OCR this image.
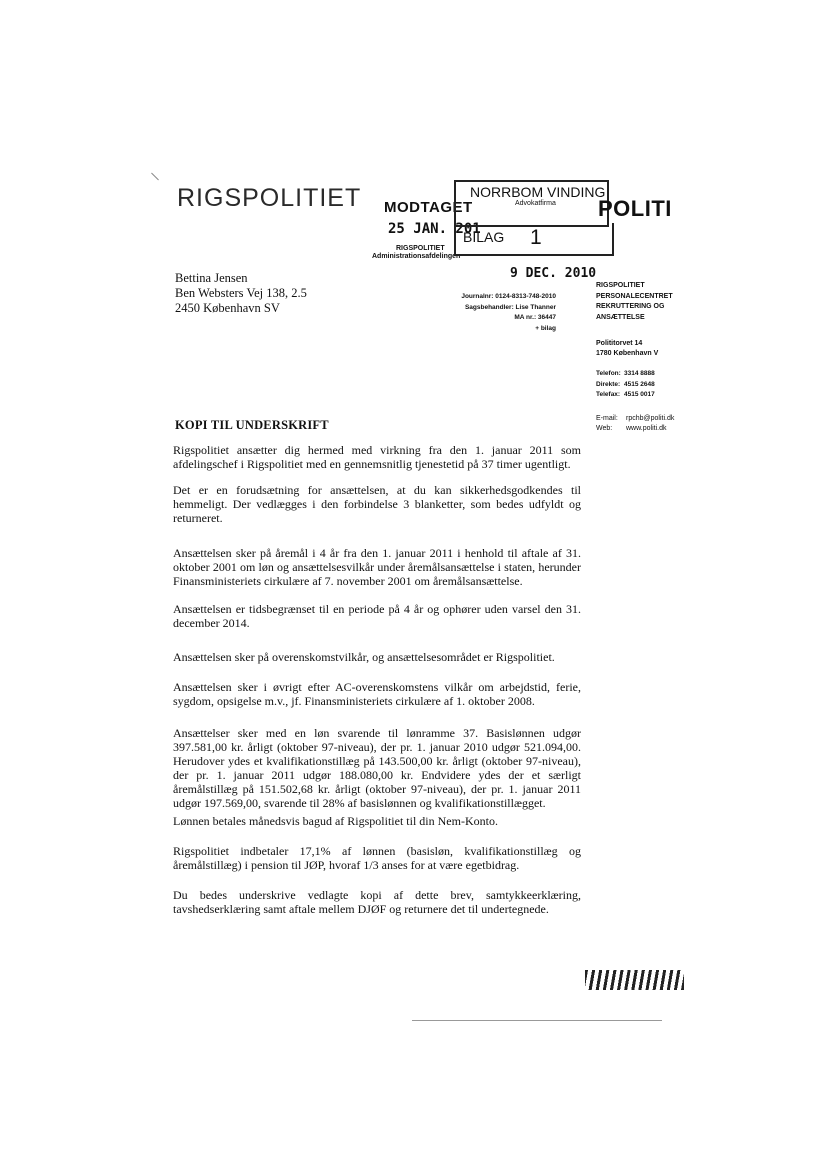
RIGSPOLITIET MODTAGET
25 JAN. 201
RIGSPOLITIET
Administrationsafdelingen
NORRBOM VINDING
Advokatfirma
BILAG 1
POLITI
Bettina Jensen
Ben Websters Vej 138, 2.5
2450 København SV
9 DEC. 2010
Journalnr: 0124-8313-748-2010
Sagsbehandler: Lise Thanner
MA nr.: 36447
+ bilag
RIGSPOLITIET
PERSONALECENTRET
REKRUTTERING OG
ANSÆTTELSE
Polititorvet 14
1780 København V
Telefon: 3314 8888
Direkte: 4515 2648
Telefax: 4515 0017
E-mail: rpchb@politi.dk
Web: www.politi.dk
KOPI TIL UNDERSKRIFT

Rigspolitiet ansætter dig hermed med virkning fra den 1. januar 2011 som afdelingschef i Rigspolitiet med en gennemsnitlig tjenestetid på 37 timer ugentligt.

Det er en forudsætning for ansættelsen, at du kan sikkerhedsgodkendes til hemmeligt. Der vedlægges i den forbindelse 3 blanketter, som bedes udfyldt og returneret.

Ansættelsen sker på åremål i 4 år fra den 1. januar 2011 i henhold til aftale af 31. oktober 2001 om løn og ansættelsesvilkår under åremålsansættelse i staten, herunder Finansministeriets cirkulære af 7. november 2001 om åremålsansættelse.

Ansættelsen er tidsbegrænset til en periode på 4 år og ophører uden varsel den 31. december 2014.

Ansættelsen sker på overenskomstvilkår, og ansættelsesområdet er Rigspolitiet.

Ansættelsen sker i øvrigt efter AC-overenskomstens vilkår om arbejdstid, ferie, sygdom, opsigelse m.v., jf. Finansministeriets cirkulære af 1. oktober 2008.

Ansættelser sker med en løn svarende til lønramme 37. Basislønnen udgør 397.581,00 kr. årligt (oktober 97-niveau), der pr. 1. januar 2010 udgør 521.094,00. Herudover ydes et kvalifikationstillæg på 143.500,00 kr. årligt (oktober 97-niveau), der pr. 1. januar 2011 udgør 188.080,00 kr. Endvidere ydes der et særligt åremålstillæg på 151.502,68 kr. årligt (oktober 97-niveau), der pr. 1. januar 2011 udgør 197.569,00, svarende til 28% af basislønnen og kvalifikationstillægget.

Lønnen betales månedsvis bagud af Rigspolitiet til din Nem-Konto.

Rigspolitiet indbetaler 17,1% af lønnen (basisløn, kvalifikationstillæg og åremålstillæg) i pension til JØP, hvoraf 1/3 anses for at være egetbidrag.

Du bedes underskrive vedlagte kopi af dette brev, samtykkeerklæring, tavshedserklæring samt aftale mellem DJØF og returnere det til undertegnede.
